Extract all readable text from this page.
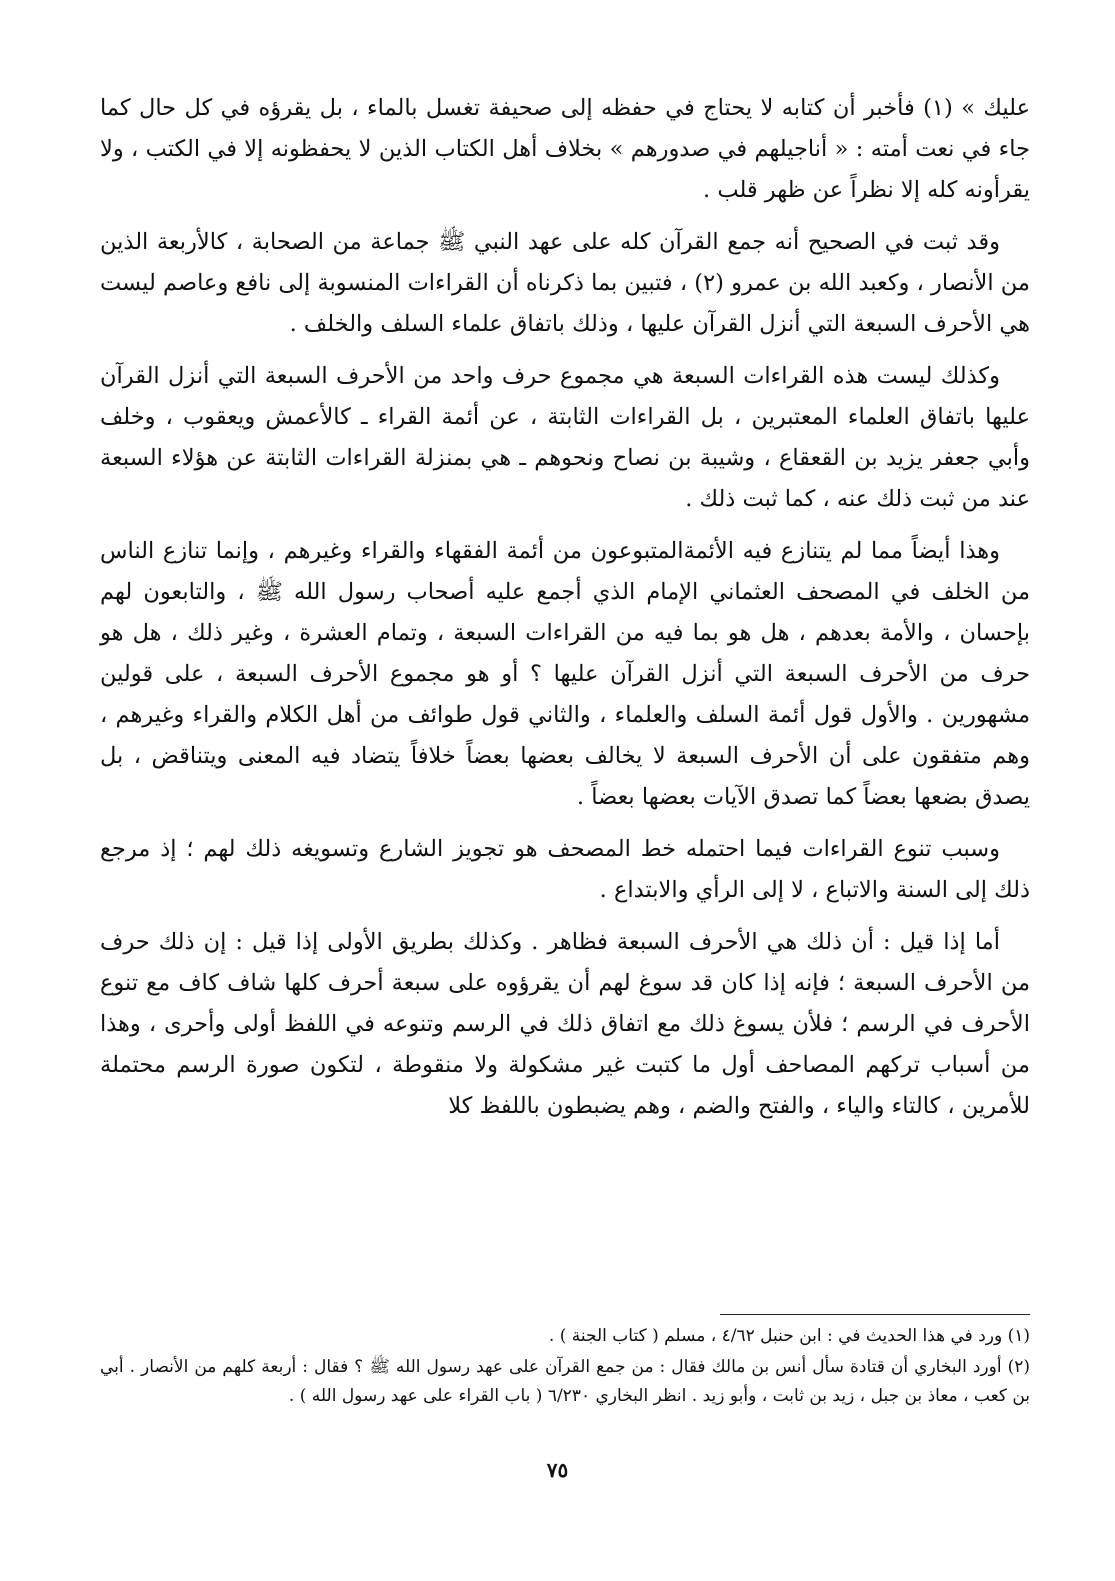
عليك » (١) فأخبر أن كتابه لا يحتاج في حفظه إلى صحيفة تغسل بالماء ، بل يقرؤه في كل حال كما جاء في نعت أمته : « أناجيلهم في صدورهم » بخلاف أهل الكتاب الذين لا يحفظونه إلا في الكتب ، ولا يقرأونه كله إلا نظراً عن ظهر قلب .

وقد ثبت في الصحيح أنه جمع القرآن كله على عهد النبي ﷺ جماعة من الصحابة ، كالأربعة الذين من الأنصار ، وكعبد الله بن عمرو (٢) ، فتبين بما ذكرناه أن القراءات المنسوبة إلى نافع وعاصم ليست هي الأحرف السبعة التي أنزل القرآن عليها ، وذلك باتفاق علماء السلف والخلف .

وكذلك ليست هذه القراءات السبعة هي مجموع حرف واحد من الأحرف السبعة التي أنزل القرآن عليها باتفاق العلماء المعتبرين ، بل القراءات الثابتة ، عن أئمة القراء ـ كالأعمش ويعقوب ، وخلف وأبي جعفر يزيد بن القعقاع ، وشيبة بن نصاح ونحوهم ـ هي بمنزلة القراءات الثابتة عن هؤلاء السبعة عند من ثبت ذلك عنه ، كما ثبت ذلك .

وهذا أيضاً مما لم يتنازع فيه الأئمةالمتبوعون من أئمة الفقهاء والقراء وغيرهم ، وإنما تنازع الناس من الخلف في المصحف العثماني الإمام الذي أجمع عليه أصحاب رسول الله ﷺ ، والتابعون لهم بإحسان ، والأمة بعدهم ، هل هو بما فيه من القراءات السبعة ، وتمام العشرة ، وغير ذلك ، هل هو حرف من الأحرف السبعة التي أنزل القرآن عليها ؟ أو هو مجموع الأحرف السبعة ، على قولين مشهورين . والأول قول أئمة السلف والعلماء ، والثاني قول طوائف من أهل الكلام والقراء وغيرهم ، وهم متفقون على أن الأحرف السبعة لا يخالف بعضها بعضاً خلافاً يتضاد فيه المعنى ويتناقض ، بل يصدق بضعها بعضاً كما تصدق الآيات بعضها بعضاً .

وسبب تنوع القراءات فيما احتمله خط المصحف هو تجويز الشارع وتسويغه ذلك لهم ؛ إذ مرجع ذلك إلى السنة والاتباع ، لا إلى الرأي والابتداع .

أما إذا قيل : أن ذلك هي الأحرف السبعة فظاهر . وكذلك بطريق الأولى إذا قيل : إن ذلك حرف من الأحرف السبعة ؛ فإنه إذا كان قد سوغ لهم أن يقرؤوه على سبعة أحرف كلها شاف كاف مع تنوع الأحرف في الرسم ؛ فلأن يسوغ ذلك مع اتفاق ذلك في الرسم وتنوعه في اللفظ أولى وأحرى ، وهذا من أسباب تركهم المصاحف أول ما كتبت غير مشكولة ولا منقوطة ، لتكون صورة الرسم محتملة للأمرين ، كالتاء والياء ، والفتح والضم ، وهم يضبطون باللفظ كلا

(١) ورد في هذا الحديث في : ابن حنبل ٤/٦٢ ، مسلم ( كتاب الجنة ) .

(٢) أورد البخاري أن قتادة سأل أنس بن مالك فقال : من جمع القرآن على عهد رسول الله ﷺ ؟ فقال : أربعة كلهم من الأنصار . أبي بن كعب ، معاذ بن جبل ، زيد بن ثابت ، وأبو زيد . انظر البخاري ٦/٢٣٠ ( باب القراء على عهد رسول الله ) .

٧٥
